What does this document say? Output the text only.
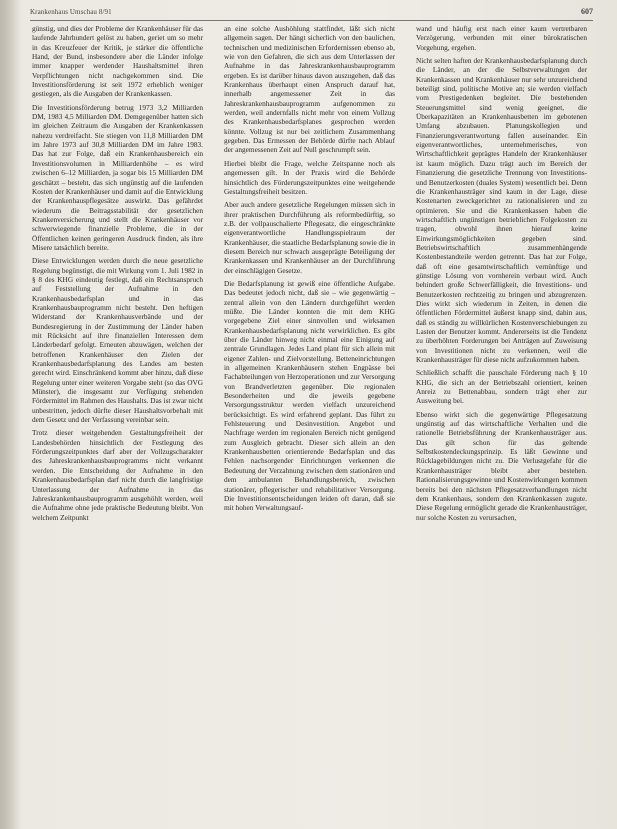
Krankenhaus Umschau 8/91	607

günstig, und dies der Probleme der Krankenhäuser für das laufende Jahrhundert gelöst zu haben, geriet um so mehr in das Kreuzfeuer der Kritik, je stärker die öffentliche Hand, der Bund, insbesondere aber die Länder infolge immer knapper werdender Haushaltsmittel ihren Verpflichtungen nicht nachgekommen sind. Die Investitionsförderung ist seit 1972 erheblich weniger gestiegen, als die Ausgaben der Krankenkassen.

Die Investitionsförderung betrug 1973 3,2 Milliarden DM, 1983 4,5 Milliarden DM. Demgegenüber hatten sich im gleichen Zeitraum die Ausgaben der Krankenkassen nahezu verdreifacht. Sie stiegen von 11,8 Milliarden DM im Jahre 1973 auf 30,8 Milliarden DM im Jahre 1983. Das hat zur Folge, daß ein Krankenhausbereich ein Investitionsvolumen in Milliardenhöhe – es wird zwischen 6–12 Milliarden, ja sogar bis 15 Milliarden DM geschätzt – besteht, das sich ungünstig auf die laufenden Kosten der Krankenhäuser und damit auf die Entwicklung der Krankenhauspflegesätze auswirkt. Das gefährdet wiederum die Beitragsstabilität der gesetzlichen Krankenversicherung und stellt die Krankenhäuser vor schwerwiegende finanzielle Probleme, die in der Öffentlichen keinen geringeren Ausdruck finden, als ihre Misere tatsächlich bereite.

Diese Entwicklungen werden durch die neue gesetzliche Regelung begünstigt, die mit Wirkung vom 1. Juli 1982 in § 8 des KHG eindeutig festlegt, daß ein Rechtsanspruch auf Feststellung der Aufnahme in den Krankenhausbedarfsplan und in das Krankenhausbauprogramm nicht besteht. Den heftigen Widerstand der Krankenhausverbände und der Bundesregierung in der Zustimmung der Länder haben mit Rücksicht auf ihre finanziellen Interessen dem Länderbedarf gefolgt. Erneuten abzuwägen, welchen der betroffenen Krankenhäuser den Zielen der Krankenhausbedarfsplanung des Landes am besten gerecht wird. Einschränkend kommt aber hinzu, daß diese Regelung unter einer weiteren Vorgabe steht (so das OVG Münster), die insgesamt zur Verfügung stehenden Fördermittel im Rahmen des Haushalts. Das ist zwar nicht unbestritten, jedoch dürfte dieser Haushaltsvorbehalt mit dem Gesetz und der Verfassung vereinbar sein.

Trotz dieser weitgehenden Gestaltungsfreiheit der Landesbehörden hinsichtlich der Festlegung des Förderungszeitpunktes darf aber der Vollzugscharakter des Jahreskrankenhausbauprogramms nicht verkannt werden. Die Entscheidung der Aufnahme in den Krankenhausbedarfsplan darf nicht durch die langfristige Unterlassung der Aufnahme in das Jahreskrankenhausbauprogramm ausgehöhlt werden, weil die Aufnahme ohne jede praktische Bedeutung bleibt. Von welchem Zeitpunkt

an eine solche Aushöhlung stattfindet, läßt sich nicht allgemein sagen. Der hängt sicherlich von den baulichen, technischen und medizinischen Erfordernissen ebenso ab, wie von den Gefahren, die sich aus dem Unterlassen der Aufnahme in das Jahreskrankenhausbauprogramm ergeben. Es ist darüber hinaus davon auszugehen, daß das Krankenhaus überhaupt einen Anspruch darauf hat, innerhalb angemessener Zeit in das Jahreskrankenhausbauprogramm aufgenommen zu werden, weil andernfalls nicht mehr von einem Vollzug des Krankenhausbedarfsplanes gesprochen werden könnte. Vollzug ist nur bei zeitlichem Zusammenhang gegeben. Das Ermessen der Behörde dürfte nach Ablauf der angemessenen Zeit auf Null geschrumpft sein.

Hierbei bleibt die Frage, welche Zeitspanne noch als angemessen gilt. In der Praxis wird die Behörde hinsichtlich des Förderungszeitpunktes eine weitgehende Gestaltungsfreiheit besitzen.

Aber auch andere gesetzliche Regelungen müssen sich in ihrer praktischen Durchführung als reformbedürftig, so z.B. der vollpauschalierte Pflegesatz, die eingeschränkte eigenverantwortliche Handlungsspielraum der Krankenhäuser, die staatliche Bedarfsplanung sowie die in diesem Bereich nur schwach ausgeprägte Beteiligung der Krankenkassen und Krankenhäuser an der Durchführung der einschlägigen Gesetze.

Die Bedarfsplanung ist gewiß eine öffentliche Aufgabe. Das bedeutet jedoch nicht, daß sie – wie gegenwärtig – zentral allein von den Ländern durchgeführt werden müßte. Die Länder konnten die mit dem KHG vorgegebene Ziel einer sinnvollen und wirksamen Krankenhausbedarfsplanung nicht verwirklichen. Es gibt über die Länder hinweg nicht einmal eine Einigung auf zentrale Grundlagen. Jedes Land plant für sich allein mit eigener Zahlen- und Zielvorstellung. Betteneinrichtungen in allgemeinen Krankenhäusern stehen Engpässe bei Fachabteilungen von Herzoperationen und zur Versorgung von Brandverletzten gegenüber. Die regionalen Besonderheiten und die jeweils gegebene Versorgungsstruktur werden vielfach unzureichend berücksichtigt. Es wird erfahrend geplant. Das führt zu Fehlsteuerung und Desinvestition. Angebot und Nachfrage werden im regionalen Bereich nicht genügend zum Ausgleich gebracht. Dieser sich allein an den Krankenhausbetten orientierende Bedarfsplan und das Fehlen nachsorgender Einrichtungen verkennen die Bedeutung der Verzahnung zwischen dem stationären und dem ambulanten Behandlungsbereich, zwischen stationärer, pflegerischer und rehabilitativer Versorgung. Die Investitionsentscheidungen leiden oft daran, daß sie mit hohen Verwaltungsauf-

wand und häufig erst nach einer kaum vertretbaren Verzögerung, verbunden mit einer bürokratischen Vorgehung, ergehen.

Nicht selten haften der Krankenhausbedarfsplanung durch die Länder, an der die Selbstverwaltungen der Krankenkassen und Krankenhäuser nur sehr unzureichend beteiligt sind, politische Motive an; sie werden vielfach vom Prestigedenken begleitet. Die bestehenden Steuerungsmittel sind wenig geeignet, die Überkapazitäten an Krankenhausbetten im gebotenen Umfang abzubauen. Planungskollegien und Finanzierungsverantwortung fallen auseinander. Ein eigenverantwortliches, unternehmerisches, von Wirtschaftlichkeit geprägtes Handeln der Krankenhäuser ist kaum möglich. Dazu trägt auch im Bereich der Finanzierung die gesetzliche Trennung von Investitions- und Benutzerkosten (duales System) wesentlich bei. Denn die Krankenhausträger sind kaum in der Lage, diese Kostenarten zweckgerichtet zu rationalisieren und zu optimieren. Sie und die Krankenkassen haben die wirtschaftlich ungünstigen betrieblichen Folgekosten zu tragen, obwohl ihnen hierauf keine Einwirkungsmöglichkeiten gegeben sind. Betriebswirtschaftlich zusammenhängende Kostenbestandteile werden getrennt. Das hat zur Folge, daß oft eine gesamtwirtschaftlich vernünftige und günstige Lösung von vornherein verbaut wird. Auch behindert große Schwerfälligkeit, die Investitions- und Benutzerkosten rechtzeitig zu bringen und abzugrenzen. Dies wirkt sich wiederum in Zeiten, in denen die öffentlichen Fördermittel äußerst knapp sind, dahin aus, daß es ständig zu willkürlichen Kostenverschiebungen zu Lasten der Benutzer kommt. Andererseits ist die Tendenz zu überhöhten Forderungen bei Anträgen auf Zuweisung von Investitionen nicht zu verkennen, weil die Krankenhausträger für diese nicht aufzukommen haben.

Schließlich schafft die pauschale Förderung nach § 10 KHG, die sich an der Betriebszahl orientiert, keinen Anreiz zu Bettenabbau, sondern trägt eher zur Ausweitung bei.

Ebenso wirkt sich die gegenwärtige Pflegesatzung ungünstig auf das wirtschaftliche Verhalten und die rationelle Betriebsführung der Krankenhausträger aus. Das gilt schon für das geltende Selbstkostendeckungsprinzip. Es läßt Gewinne und Rücklagebildungen nicht zu. Die Verlustgefahr für die Krankenhausträger bleibt aber bestehen. Rationalisierungsgewinne und Kostenwirkungen kommen bereits bei den nächsten Pflegesatzverhandlungen nicht dem Krankenhaus, sondern den Krankenkassen zugute. Diese Regelung ermöglicht gerade die Krankenhausträger, nur solche Kosten zu verursachen,
